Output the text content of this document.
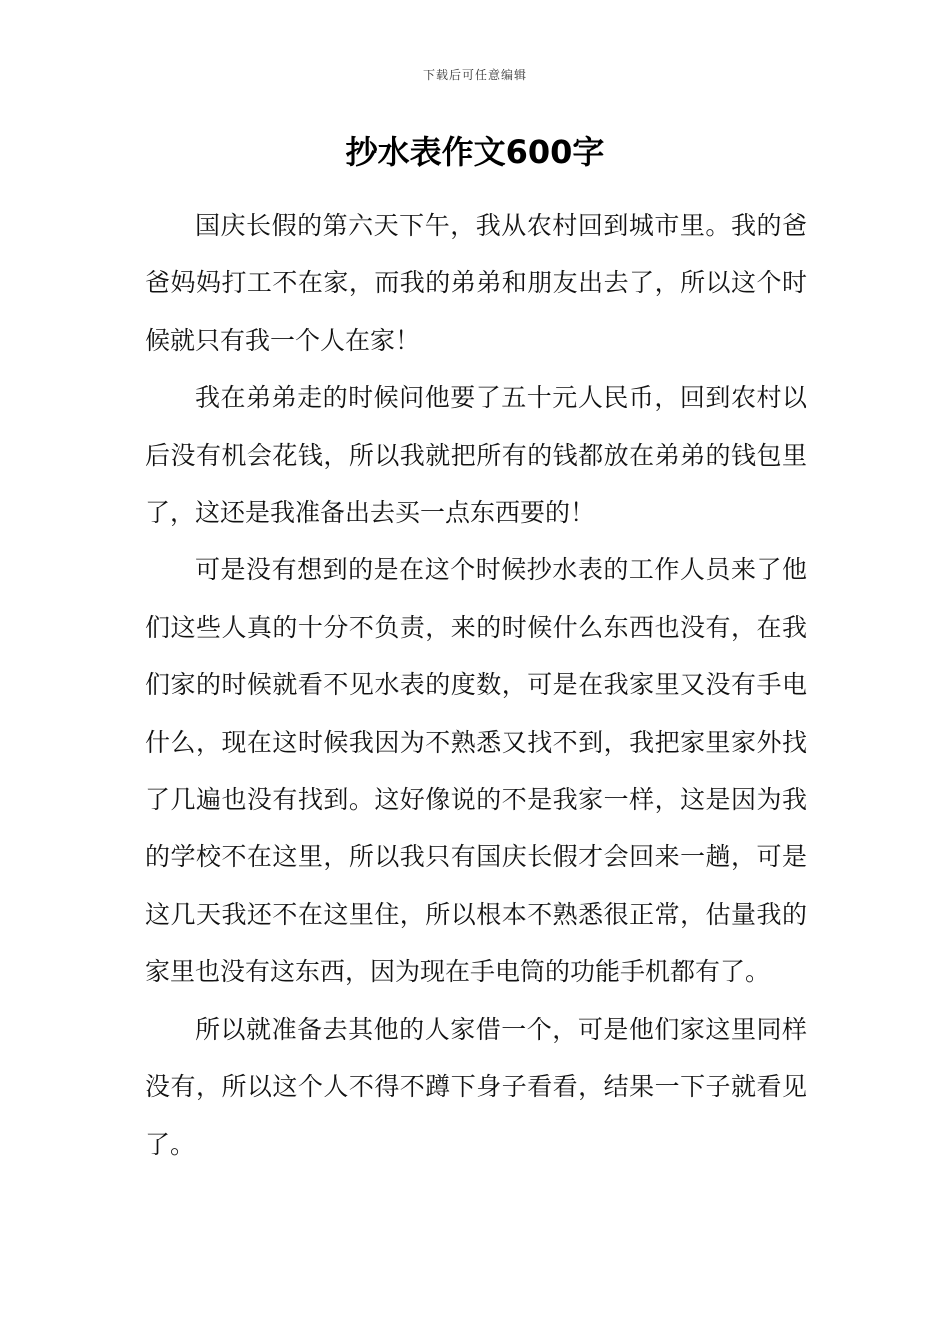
下载后可任意编辑
抄水表作文600字

国庆长假的第六天下午，我从农村回到城市里。我的爸爸妈妈打工不在家，而我的弟弟和朋友出去了，所以这个时候就只有我一个人在家！

我在弟弟走的时候问他要了五十元人民币，回到农村以后没有机会花钱，所以我就把所有的钱都放在弟弟的钱包里了，这还是我准备出去买一点东西要的！

可是没有想到的是在这个时候抄水表的工作人员来了他们这些人真的十分不负责，来的时候什么东西也没有，在我们家的时候就看不见水表的度数，可是在我家里又没有手电什么，现在这时候我因为不熟悉又找不到，我把家里家外找了几遍也没有找到。这好像说的不是我家一样，这是因为我的学校不在这里，所以我只有国庆长假才会回来一趟，可是这几天我还不在这里住，所以根本不熟悉很正常，估量我的家里也没有这东西，因为现在手电筒的功能手机都有了。

所以就准备去其他的人家借一个，可是他们家这里同样没有，所以这个人不得不蹲下身子看看，结果一下子就看见了。
